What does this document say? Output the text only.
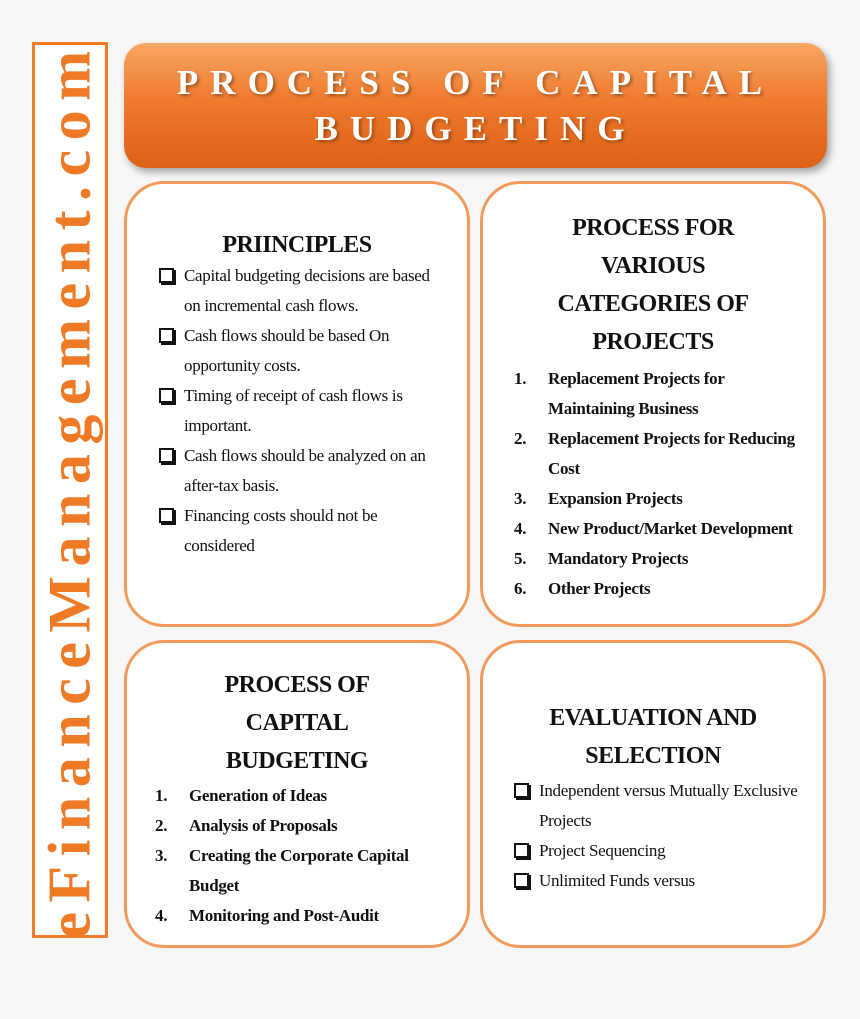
eFinanceManagement.com PROCESS OF CAPITAL
BUDGETING
PRIINCIPLES
Capital budgeting decisions are based on incremental cash flows.
Cash flows should be based On opportunity costs.
Timing of receipt of cash flows is important.
Cash flows should be analyzed on an after-tax basis.
Financing costs should not be considered
PROCESS FOR
VARIOUS
CATEGORIES OF
PROJECTS
1. Replacement Projects for Maintaining Business
2. Replacement Projects for Reducing Cost
3. Expansion Projects
4. New Product/Market Development
5. Mandatory Projects
6. Other Projects
PROCESS OF
CAPITAL
BUDGETING
1. Generation of Ideas
2. Analysis of Proposals
3. Creating the Corporate Capital Budget
4. Monitoring and Post-Audit
EVALUATION AND
SELECTION
Independent versus Mutually Exclusive Projects
Project Sequencing
Unlimited Funds versus
